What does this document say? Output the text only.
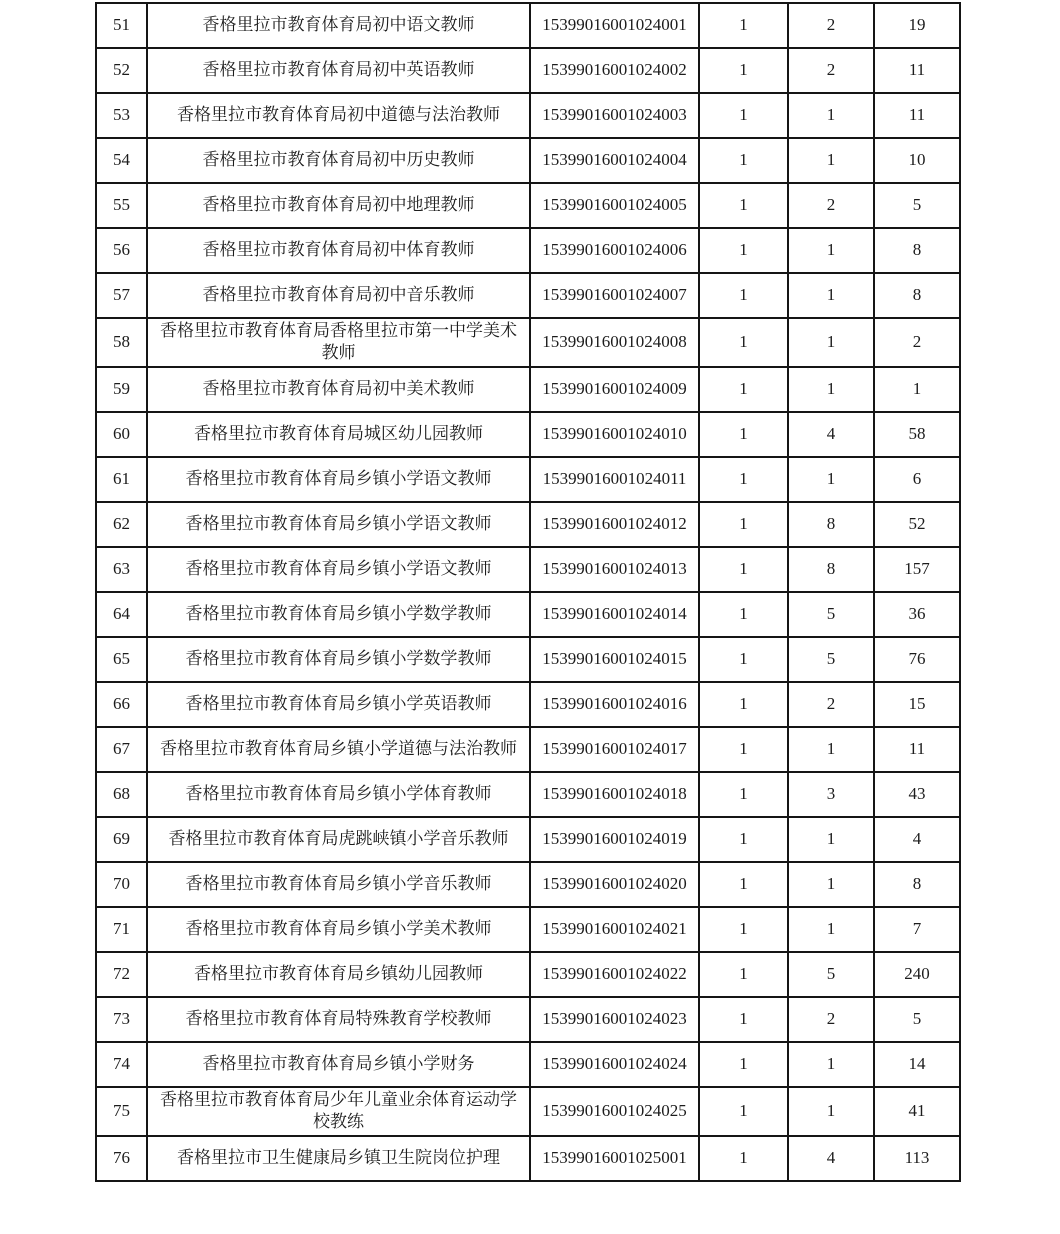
51	香格里拉市教育体育局初中语文教师	15399016001024001	1	2	19
52	香格里拉市教育体育局初中英语教师	15399016001024002	1	2	11
53	香格里拉市教育体育局初中道德与法治教师	15399016001024003	1	1	11
54	香格里拉市教育体育局初中历史教师	15399016001024004	1	1	10
55	香格里拉市教育体育局初中地理教师	15399016001024005	1	2	5
56	香格里拉市教育体育局初中体育教师	15399016001024006	1	1	8
57	香格里拉市教育体育局初中音乐教师	15399016001024007	1	1	8
58	香格里拉市教育体育局香格里拉市第一中学美术教师	15399016001024008	1	1	2
59	香格里拉市教育体育局初中美术教师	15399016001024009	1	1	1
60	香格里拉市教育体育局城区幼儿园教师	15399016001024010	1	4	58
61	香格里拉市教育体育局乡镇小学语文教师	15399016001024011	1	1	6
62	香格里拉市教育体育局乡镇小学语文教师	15399016001024012	1	8	52
63	香格里拉市教育体育局乡镇小学语文教师	15399016001024013	1	8	157
64	香格里拉市教育体育局乡镇小学数学教师	15399016001024014	1	5	36
65	香格里拉市教育体育局乡镇小学数学教师	15399016001024015	1	5	76
66	香格里拉市教育体育局乡镇小学英语教师	15399016001024016	1	2	15
67	香格里拉市教育体育局乡镇小学道德与法治教师	15399016001024017	1	1	11
68	香格里拉市教育体育局乡镇小学体育教师	15399016001024018	1	3	43
69	香格里拉市教育体育局虎跳峡镇小学音乐教师	15399016001024019	1	1	4
70	香格里拉市教育体育局乡镇小学音乐教师	15399016001024020	1	1	8
71	香格里拉市教育体育局乡镇小学美术教师	15399016001024021	1	1	7
72	香格里拉市教育体育局乡镇幼儿园教师	15399016001024022	1	5	240
73	香格里拉市教育体育局特殊教育学校教师	15399016001024023	1	2	5
74	香格里拉市教育体育局乡镇小学财务	15399016001024024	1	1	14
75	香格里拉市教育体育局少年儿童业余体育运动学校教练	15399016001024025	1	1	41
76	香格里拉市卫生健康局乡镇卫生院岗位护理	15399016001025001	1	4	113
